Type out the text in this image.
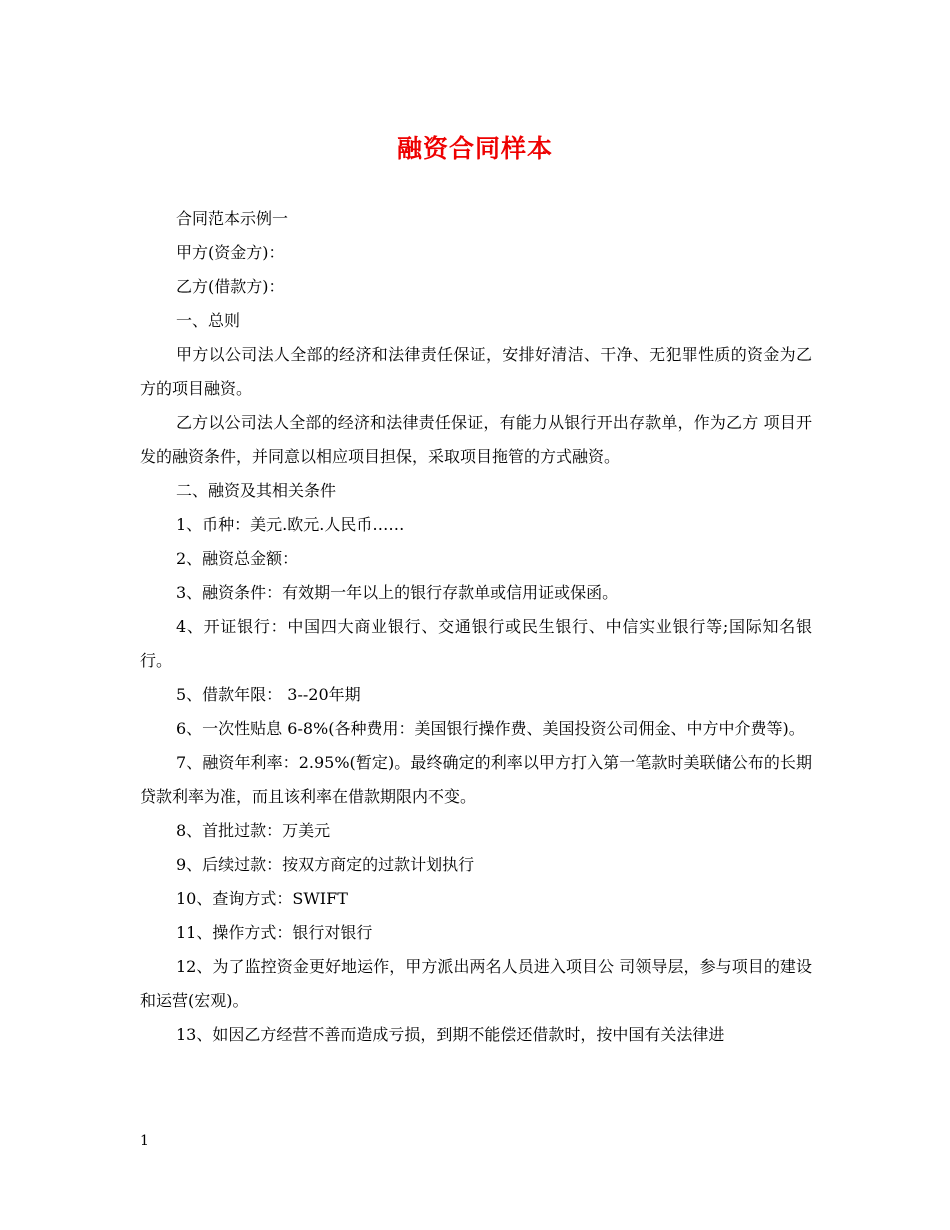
融资合同样本

合同范本示例一

甲方(资金方)：

乙方(借款方)：

一、总则

甲方以公司法人全部的经济和法律责任保证，安排好清洁、干净、无犯罪性质的资金为乙方的项目融资。

乙方以公司法人全部的经济和法律责任保证，有能力从银行开出存款单，作为乙方 项目开发的融资条件，并同意以相应项目担保，采取项目拖管的方式融资。

二、融资及其相关条件

1、币种：美元.欧元.人民币……

2、融资总金额：

3、融资条件：有效期一年以上的银行存款单或信用证或保函。

4、开证银行：中国四大商业银行、交通银行或民生银行、中信实业银行等;国际知名银行。

5、借款年限： 3--20年期

6、一次性贴息 6-8%(各种费用：美国银行操作费、美国投资公司佣金、中方中介费等)。

7、融资年利率：2.95%(暂定)。最终确定的利率以甲方打入第一笔款时美联储公布的长期贷款利率为准，而且该利率在借款期限内不变。

8、首批过款：万美元

9、后续过款：按双方商定的过款计划执行

10、查询方式：SWIFT

11、操作方式：银行对银行

12、为了监控资金更好地运作，甲方派出两名人员进入项目公 司领导层，参与项目的建设和运营(宏观)。

13、如因乙方经营不善而造成亏损，到期不能偿还借款时，按中国有关法律进

1
